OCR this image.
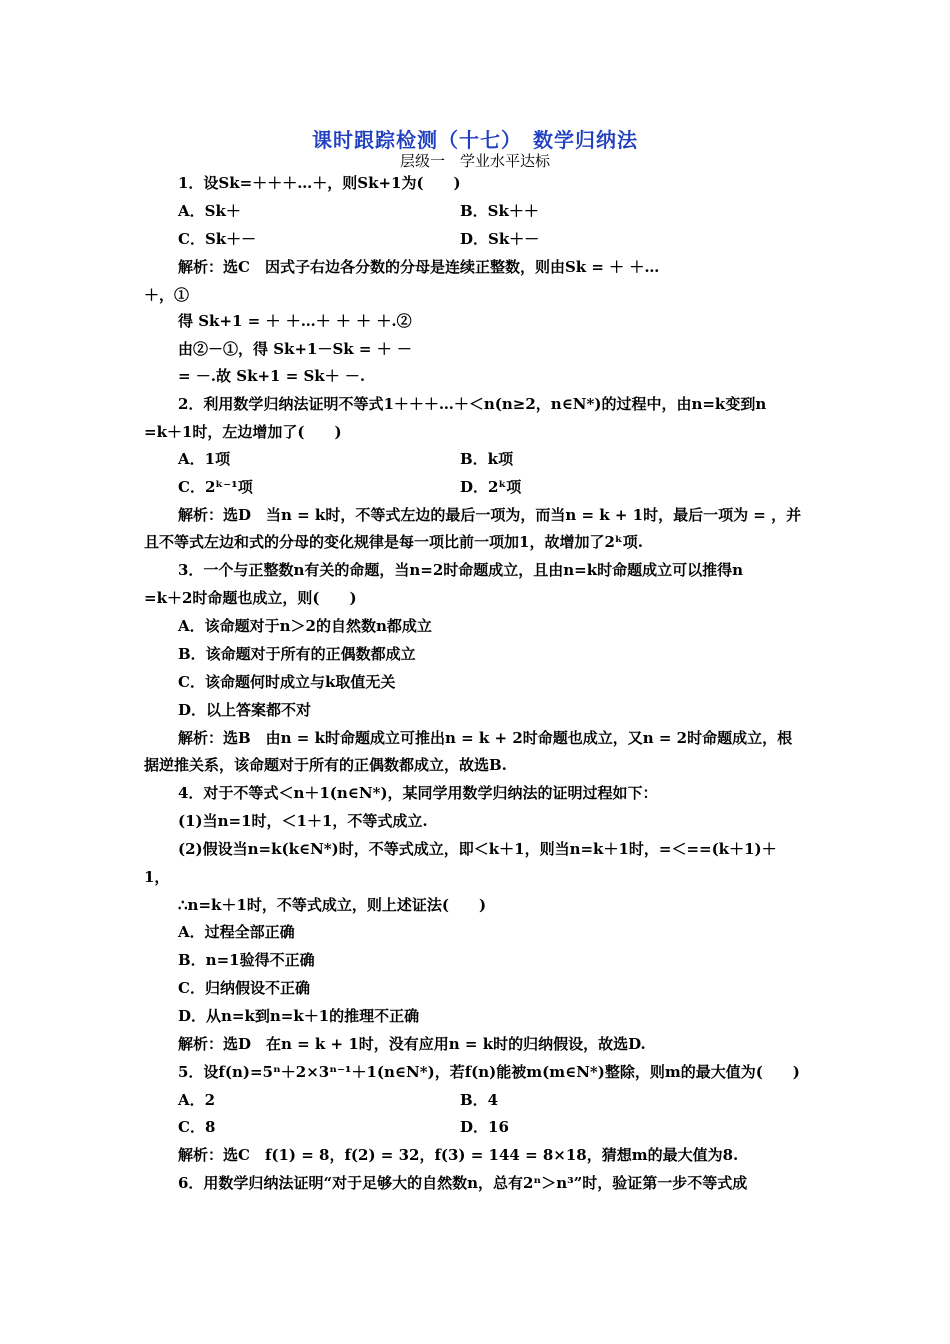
课时跟踪检测（十七）　数学归纳法
层级一　学业水平达标
1．设Sk=＋＋＋…＋，则Sk+1为(　　)
A．Sk＋	B．Sk＋＋
C．Sk＋－	D．Sk＋－
解析：选C　因式子右边各分数的分母是连续正整数，则由Sk = ＋ ＋…
＋，①
得 Sk+1 = ＋ ＋…＋ ＋ ＋ ＋.②
由②－①，得 Sk+1－Sk = ＋ －
= －.故 Sk+1 = Sk＋ －.
2．利用数学归纳法证明不等式1＋＋＋…＋＜n(n≥2，n∈N*)的过程中，由n=k变到n
=k＋1时，左边增加了(　　)
A．1项	B．k项
C．2ᵏ⁻¹项	D．2ᵏ项
解析：选D　当n = k时，不等式左边的最后一项为，而当n = k + 1时，最后一项为 = ，并
且不等式左边和式的分母的变化规律是每一项比前一项加1，故增加了2ᵏ项.
3．一个与正整数n有关的命题，当n=2时命题成立，且由n=k时命题成立可以推得n
=k＋2时命题也成立，则(　　)
A．该命题对于n＞2的自然数n都成立
B．该命题对于所有的正偶数都成立
C．该命题何时成立与k取值无关
D．以上答案都不对
解析：选B　由n = k时命题成立可推出n = k + 2时命题也成立，又n = 2时命题成立，根
据逆推关系，该命题对于所有的正偶数都成立，故选B.
4．对于不等式＜n＋1(n∈N*)，某同学用数学归纳法的证明过程如下：
(1)当n=1时，＜1＋1，不等式成立.
(2)假设当n=k(k∈N*)时，不等式成立，即＜k＋1，则当n=k＋1时，=＜==(k＋1)＋
1，
∴n=k＋1时，不等式成立，则上述证法(　　)
A．过程全部正确
B．n=1验得不正确
C．归纳假设不正确
D．从n=k到n=k＋1的推理不正确
解析：选D　在n = k + 1时，没有应用n = k时的归纳假设，故选D.
5．设f(n)=5ⁿ＋2×3ⁿ⁻¹＋1(n∈N*)，若f(n)能被m(m∈N*)整除，则m的最大值为(　　)
A．2	B．4
C．8	D．16
解析：选C　f(1) = 8，f(2) = 32，f(3) = 144 = 8×18，猜想m的最大值为8.
6．用数学归纳法证明“对于足够大的自然数n，总有2ⁿ＞n³”时，验证第一步不等式成
